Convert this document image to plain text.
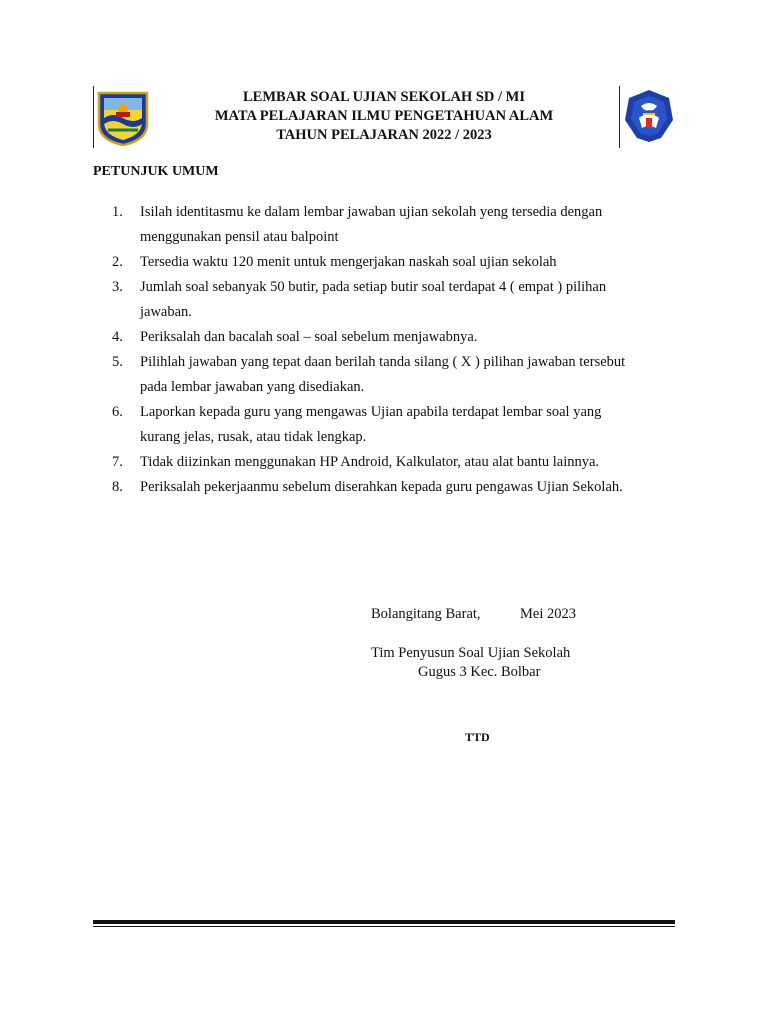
LEMBAR SOAL UJIAN SEKOLAH SD / MI
MATA PELAJARAN ILMU PENGETAHUAN ALAM
TAHUN PELAJARAN 2022 / 2023
PETUNJUK UMUM
1.	Isilah identitasmu ke dalam lembar jawaban ujian sekolah yeng tersedia dengan
menggunakan pensil atau balpoint
2.	Tersedia waktu 120 menit untuk mengerjakan naskah soal ujian sekolah
3.	Jumlah soal sebanyak 50 butir, pada setiap butir soal terdapat 4 ( empat ) pilihan
jawaban.
4.	Periksalah dan bacalah soal – soal sebelum menjawabnya.
5.	Pilihlah jawaban yang tepat daan berilah tanda silang ( X ) pilihan jawaban tersebut
pada lembar jawaban yang disediakan.
6.	Laporkan kepada guru yang mengawas Ujian apabila terdapat lembar soal yang
kurang jelas, rusak, atau tidak lengkap.
7.	Tidak diizinkan menggunakan HP Android, Kalkulator, atau alat bantu lainnya.
8.	Periksalah pekerjaanmu sebelum diserahkan kepada guru pengawas Ujian Sekolah.
Bolangitang Barat,	Mei 2023
Tim Penyusun Soal Ujian Sekolah
Gugus 3 Kec. Bolbar
TTD
